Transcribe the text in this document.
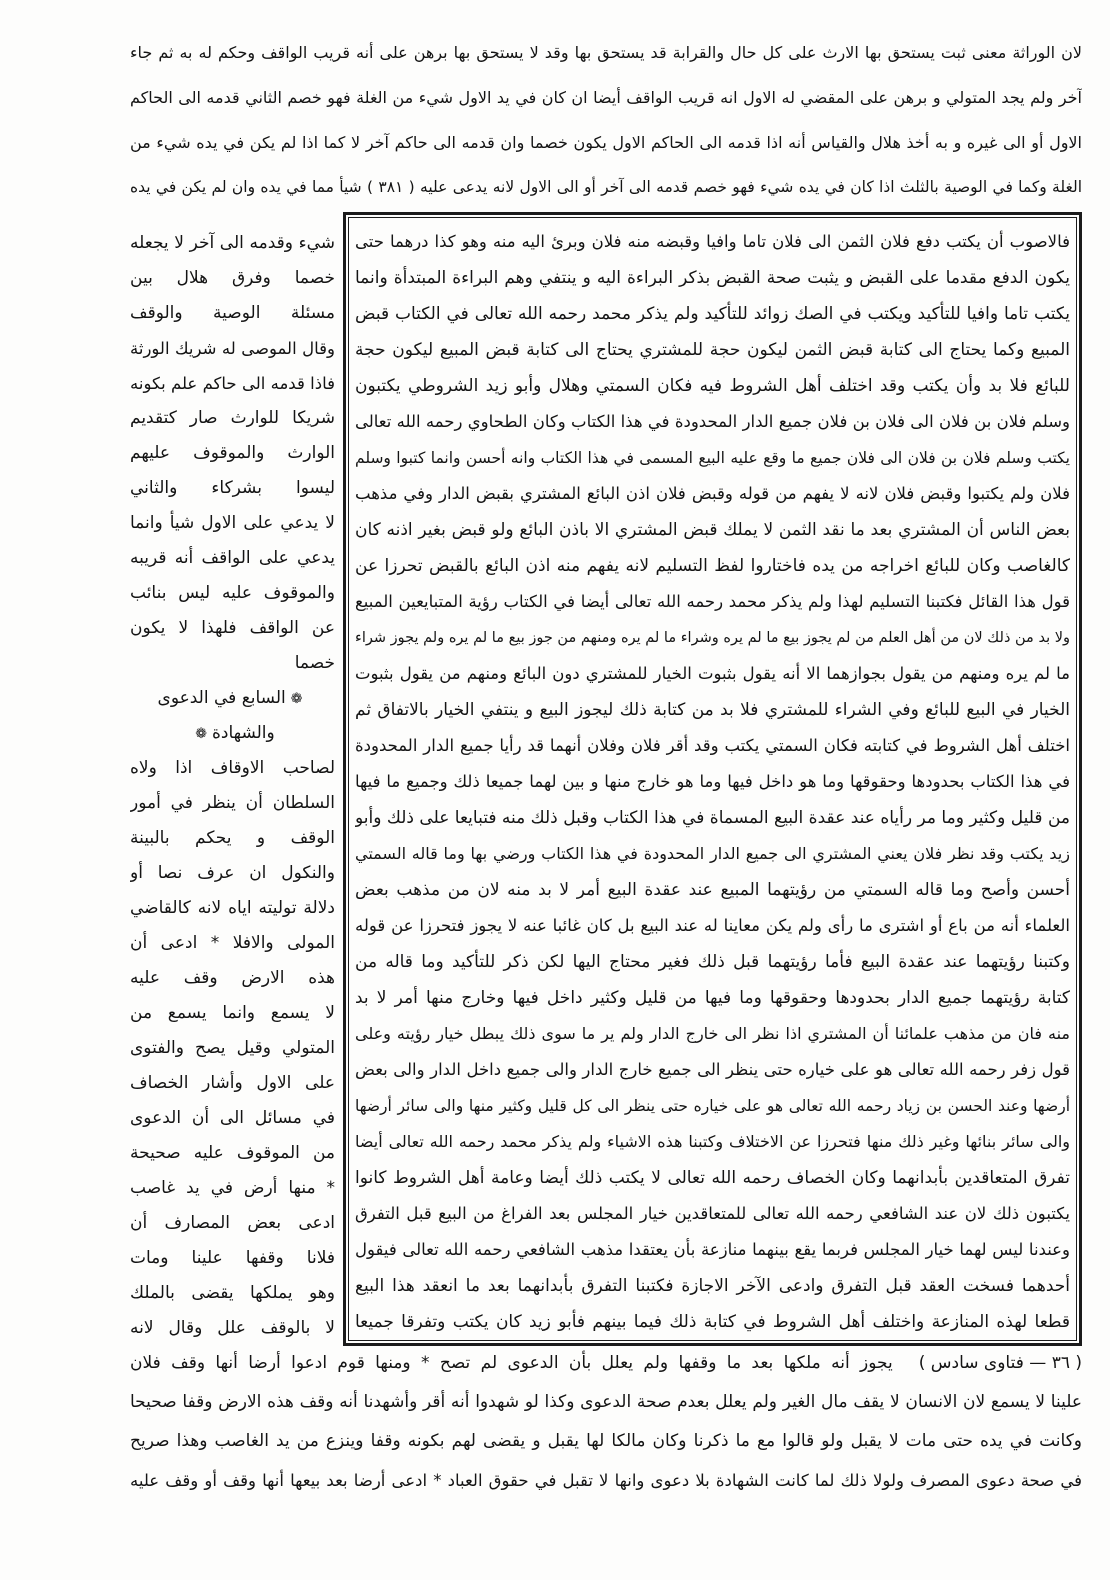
لان الوراثة معنى ثبت يستحق بها الارث على كل حال والقرابة قد يستحق بها وقد لا يستحق بها برهن على أنه قريب الواقف وحكم له به ثم جاء
آخر ولم يجد المتولي و برهن على المقضي له الاول انه قريب الواقف أيضا ان كان في يد الاول شيء من الغلة فهو خصم الثاني قدمه الى الحاكم
الاول أو الى غيره و به أخذ هلال والقياس أنه اذا قدمه الى الحاكم الاول يكون خصما وان قدمه الى حاكم آخر لا كما اذا لم يكن في يده شيء من
الغلة وكما في الوصية بالثلث اذا كان في يده شيء فهو خصم قدمه الى آخر أو الى الاول لانه يدعى عليه ( ٣٨١ ) شيأ مما في يده وان لم يكن في يده
فالاصوب أن يكتب دفع فلان الثمن الى فلان تاما وافيا وقبضه منه فلان وبرئ اليه منه وهو كذا درهما حتى
يكون الدفع مقدما على القبض و يثبت صحة القبض بذكر البراءة اليه و ينتفي وهم البراءة المبتدأة وانما
يكتب تاما وافيا للتأكيد ويكتب في الصك زوائد للتأكيد ولم يذكر محمد رحمه الله تعالى في الكتاب قبض
المبيع وكما يحتاج الى كتابة قبض الثمن ليكون حجة للمشتري يحتاج الى كتابة قبض المبيع ليكون حجة
للبائع فلا بد وأن يكتب وقد اختلف أهل الشروط فيه فكان السمتي وهلال وأبو زيد الشروطي يكتبون
وسلم فلان بن فلان الى فلان بن فلان جميع الدار المحدودة في هذا الكتاب وكان الطحاوي رحمه الله تعالى
يكتب وسلم فلان بن فلان الى فلان جميع ما وقع عليه البيع المسمى في هذا الكتاب وانه أحسن وانما كتبوا وسلم
فلان ولم يكتبوا وقبض فلان لانه لا يفهم من قوله وقبض فلان اذن البائع المشتري بقبض الدار وفي مذهب
بعض الناس أن المشتري بعد ما نقد الثمن لا يملك قبض المشتري الا باذن البائع ولو قبض بغير اذنه كان
كالغاصب وكان للبائع اخراجه من يده فاختاروا لفظ التسليم لانه يفهم منه اذن البائع بالقبض تحرزا عن
قول هذا القائل فكتبنا التسليم لهذا ولم يذكر محمد رحمه الله تعالى أيضا في الكتاب رؤية المتبايعين المبيع
ولا بد من ذلك لان من أهل العلم من لم يجوز بيع ما لم يره وشراء ما لم يره ومنهم من جوز بيع ما لم يره ولم يجوز شراء
ما لم يره ومنهم من يقول بجوازهما الا أنه يقول بثبوت الخيار للمشتري دون البائع ومنهم من يقول بثبوت
الخيار في البيع للبائع وفي الشراء للمشتري فلا بد من كتابة ذلك ليجوز البيع و ينتفي الخيار بالاتفاق ثم
اختلف أهل الشروط في كتابته فكان السمتي يكتب وقد أقر فلان وفلان أنهما قد رأيا جميع الدار المحدودة
في هذا الكتاب بحدودها وحقوقها وما هو داخل فيها وما هو خارج منها و بين لهما جميعا ذلك وجميع ما فيها
من قليل وكثير وما مر رأياه عند عقدة البيع المسماة في هذا الكتاب وقبل ذلك منه فتبايعا على ذلك وأبو
زيد يكتب وقد نظر فلان يعني المشتري الى جميع الدار المحدودة في هذا الكتاب ورضي بها وما قاله السمتي
أحسن وأصح وما قاله السمتي من رؤيتهما المبيع عند عقدة البيع أمر لا بد منه لان من مذهب بعض
العلماء أنه من باع أو اشترى ما رأى ولم يكن معاينا له عند البيع بل كان غائبا عنه لا يجوز فتحرزا عن قوله
وكتبنا رؤيتهما عند عقدة البيع فأما رؤيتهما قبل ذلك فغير محتاج اليها لكن ذكر للتأكيد وما قاله من
كتابة رؤيتهما جميع الدار بحدودها وحقوقها وما فيها من قليل وكثير داخل فيها وخارج منها أمر لا بد
منه فان من مذهب علمائنا أن المشتري اذا نظر الى خارج الدار ولم ير ما سوى ذلك يبطل خيار رؤيته وعلى
قول زفر رحمه الله تعالى هو على خياره حتى ينظر الى جميع خارج الدار والى جميع داخل الدار والى بعض
أرضها وعند الحسن بن زياد رحمه الله تعالى هو على خياره حتى ينظر الى كل قليل وكثير منها والى سائر أرضها
والى سائر بنائها وغير ذلك منها فتحرزا عن الاختلاف وكتبنا هذه الاشياء ولم يذكر محمد رحمه الله تعالى أيضا
تفرق المتعاقدين بأبدانهما وكان الخصاف رحمه الله تعالى لا يكتب ذلك أيضا وعامة أهل الشروط كانوا
يكتبون ذلك لان عند الشافعي رحمه الله تعالى للمتعاقدين خيار المجلس بعد الفراغ من البيع قبل التفرق
وعندنا ليس لهما خيار المجلس فربما يقع بينهما منازعة بأن يعتقدا مذهب الشافعي رحمه الله تعالى فيقول
أحدهما فسخت العقد قبل التفرق وادعى الآخر الاجازة فكتبنا التفرق بأبدانهما بعد ما انعقد هذا البيع
قطعا لهذه المنازعة واختلف أهل الشروط في كتابة ذلك فيما بينهم فأبو زيد كان يكتب وتفرقا جميعا
شيء وقدمه الى آخر لا يجعله
خصما وفرق هلال بين
مسئلة الوصية والوقف
وقال الموصى له شريك الورثة
فاذا قدمه الى حاكم علم بكونه
شريكا للوارث صار كتقديم
الوارث والموقوف عليهم
ليسوا بشركاء والثاني
لا يدعي على الاول شيأ وانما
يدعي على الواقف أنه قريبه
والموقوف عليه ليس بنائب
عن الواقف فلهذا لا يكون
خصما
❁السابع في الدعوى
والشهادة❁
لصاحب الاوقاف اذا ولاه
السلطان أن ينظر في أمور
الوقف و يحكم بالبينة
والنكول ان عرف نصا أو
دلالة توليته اياه لانه كالقاضي
المولى والافلا * ادعى أن
هذه الارض وقف عليه
لا يسمع وانما يسمع من
المتولي وقيل يصح والفتوى
على الاول وأشار الخصاف
في مسائل الى أن الدعوى
من الموقوف عليه صحيحة
* منها أرض في يد غاصب
ادعى بعض المصارف أن
فلانا وقفها علينا ومات
وهو يملكها يقضى بالملك
لا بالوقف علل وقال لانه
( ٣٦ — فتاوى سادس )
يجوز أنه ملكها بعد ما وقفها ولم يعلل بأن الدعوى لم تصح * ومنها قوم ادعوا أرضا أنها وقف فلان
علينا لا يسمع لان الانسان لا يقف مال الغير ولم يعلل بعدم صحة الدعوى وكذا لو شهدوا أنه أقر وأشهدنا أنه وقف هذه الارض وقفا صحيحا
وكانت في يده حتى مات لا يقبل ولو قالوا مع ما ذكرنا وكان مالكا لها يقبل و يقضى لهم بكونه وقفا وينزع من يد الغاصب وهذا صريح
في صحة دعوى المصرف ولولا ذلك لما كانت الشهادة بلا دعوى وانها لا تقبل في حقوق العباد * ادعى أرضا بعد بيعها أنها وقف أو وقف عليه
